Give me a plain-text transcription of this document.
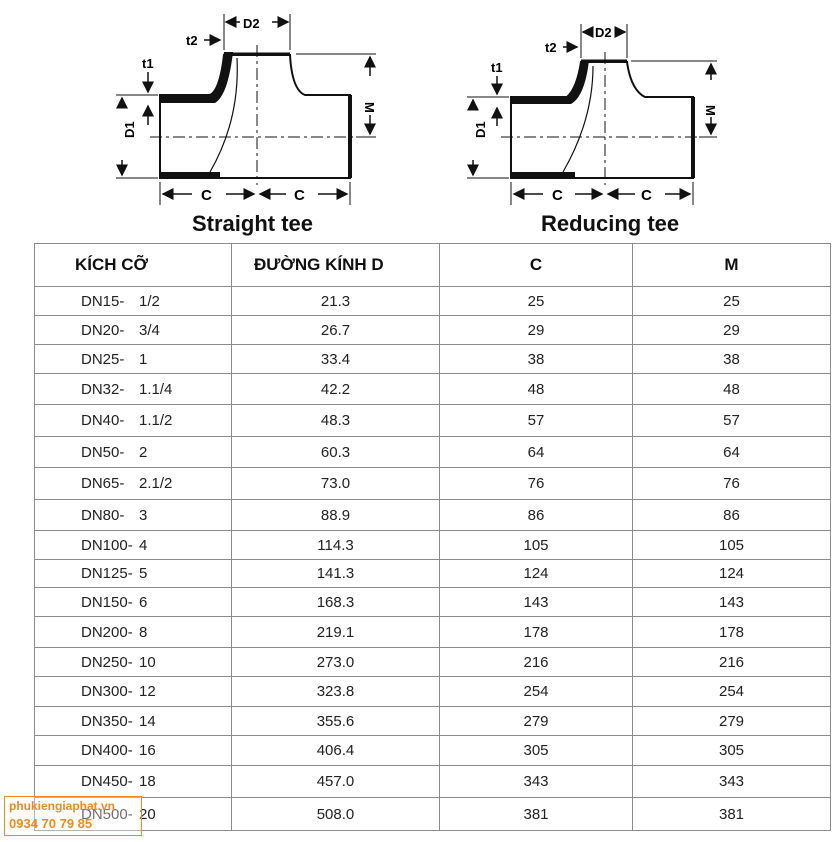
D2
t2
t1
D1
M
C	C
Straight tee
D2
t2
t1
D1
M
C	C
Reducing tee
KÍCH CỠ	ĐƯỜNG KÍNH D	C	M
DN15- 1/2	21.3	25	25
DN20- 3/4	26.7	29	29
DN25- 1	33.4	38	38
DN32- 1.1/4	42.2	48	48
DN40- 1.1/2	48.3	57	57
DN50- 2	60.3	64	64
DN65- 2.1/2	73.0	76	76
DN80- 3	88.9	86	86
DN100- 4	114.3	105	105
DN125- 5	141.3	124	124
DN150- 6	168.3	143	143
DN200- 8	219.1	178	178
DN250- 10	273.0	216	216
DN300- 12	323.8	254	254
DN350- 14	355.6	279	279
DN400- 16	406.4	305	305
DN450- 18	457.0	343	343
DN500- 20	508.0	381	381
phukiengiaphat.vn
0934 70 79 85
